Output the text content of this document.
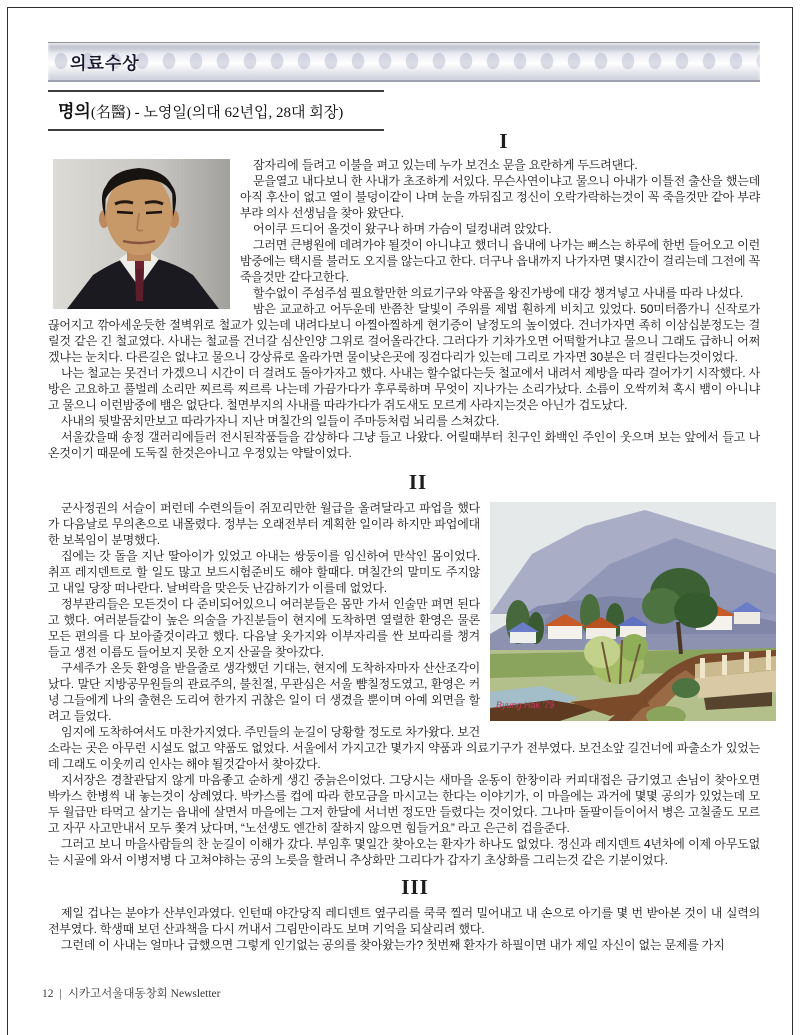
의료수상
명의(名醫) - 노영일(의대 62년입, 28대 회장)
I

잠자리에 들려고 이불을 펴고 있는데 누가 보건소 문을 요란하게 두드려댄다.

문을열고 내다보니 한 사내가 초조하게 서있다. 무슨사연이냐고 물으니 아내가 이틀전 출산을 했는데 아직 후산이 없고 열이 불덩이같이 나며 눈을 까뒤집고 정신이 오락가락하는것이 꼭 죽을것만 같아 부랴부랴 의사 선생님을 찾아 왔단다.

어이쿠 드디어 올것이 왔구나 하며 가슴이 덜컹내려 앉았다.

그러면 큰병원에 데려가야 될것이 아니냐고 했더니 읍내에 나가는 뻐스는 하루에 한번 들어오고 이런 밤중에는 택시를 불러도 오지를 않는다고 한다. 더구나 읍내까지 나가자면 몇시간이 걸리는데 그전에 꼭 죽을것만 같다고한다.

할수없이 주섬주섬 필요할만한 의료기구와 약품을 왕진가방에 대강 챙겨넣고 사내를 따라 나섰다.

밤은 교교하고 어두운데 반쯤찬 달빛이 주위를 제법 훤하게 비치고 있었다. 50미터쯤가니 신작로가 끊어지고 깎아세운듯한 절벽위로 철교가 있는데 내려다보니 아찔아찔하게 현기증이 날정도의 높이였다. 건너가자면 족히 이삼십분정도는 걸릴것 같은 긴 철교였다. 사내는 철교를 건너갈 심산인양 그위로 걸어올라간다. 그러다가 기차가오면 어떡할거냐고 물으니 그래도 급하니 어쩌겠냐는 눈치다. 다른길은 없냐고 물으니 강상류로 올라가면 물이낮은곳에 징검다리가 있는데 그리로 가자면 30분은 더 걸린다는것이었다.

나는 철교는 못건너 가겠으니 시간이 더 걸려도 돌아가자고 했다. 사내는 할수없다는듯 철교에서 내려서 제방을 따라 걸어가기 시작했다. 사방은 고요하고 풀벌레 소리만 찌르륵 찌르륵 나는데 가끔가다가 후루룩하며 무엇이 지나가는 소리가났다. 소름이 오싹끼쳐 혹시 뱀이 아니냐고 물으니 이런밤중에 뱀은 없단다. 철면부지의 사내를 따라가다가 쥐도새도 모르게 사라지는것은 아닌가 겁도났다.

사내의 뒷발꿈치만보고 따라가자니 지난 며칠간의 일들이 주마등처럼 뇌리를 스쳐갔다.

서울갔을때 송정 갤러리에들러 전시된작품들을 감상하다 그냥 들고 나왔다. 어릴때부터 친구인 화백인 주인이 웃으며 보는 앞에서 들고 나온것이기 때문에 도둑질 한것은아니고 우정있는 약탈이었다.

II
Byung Hak '79

군사정권의 서슬이 퍼런데 수련의들이 쥐꼬리만한 월급을 올려달라고 파업을 했다가 다음날로 무의촌으로 내몰렸다. 정부는 오래전부터 계획한 일이라 하지만 파업에대한 보복임이 분명했다.

집에는 갓 돌을 지난 딸아이가 있었고 아내는 쌍둥이를 임신하여 만삭인 몸이었다. 취프 레지덴트로 할 일도 많고 보드시험준비도 해야 할때다. 며칠간의 말미도 주지않고 내일 당장 떠나란다. 날벼락을 맞은듯 난감하기가 이를데 없었다.

정부관리들은 모든것이 다 준비되어있으니 여러분들은 몸만 가서 인술만 펴면 된다고 했다. 여러분들같이 높은 의술을 가진분들이 현지에 도착하면 열렬한 환영은 물론 모든 편의를 다 보아줄것이라고 했다. 다음날 옷가지와 이부자리를 싼 보따리를 챙겨들고 생전 이름도 들어보지 못한 오지 산골을 찾아갔다.

구세주가 온듯 환영을 받을줄로 생각했던 기대는, 현지에 도착하자마자 산산조각이 났다. 말단 지방공무원들의 관료주의, 불친절, 무관심은 서울 뺨칠정도였고, 환영은 커녕 그들에게 나의 출현은 도리여 한가지 귀찮은 일이 더 생겼을 뿐이며 아예 외면을 할려고 들었다.

임지에 도착하여서도 마찬가지였다. 주민들의 눈길이 당황할 정도로 차가왔다. 보건소라는 곳은 아무런 시설도 없고 약품도 없었다. 서울에서 가지고간 몇가지 약품과 의료기구가 전부였다. 보건소앞 길건너에 파출소가 있었는데 그래도 이웃끼리 인사는 해야 될것같아서 찾아갔다.

지서장은 경찰관답지 않게 마음좋고 순하게 생긴 중늙은이었다. 그당시는 새마을 운동이 한창이라 커피대접은 금기였고 손님이 찾아오면 박카스 한병씩 내 놓는것이 상례였다. 박카스를 컵에 따라 한모금을 마시고는 한다는 이야기가, 이 마을에는 과거에 몇몇 공의가 있었는데 모두 월급만 타먹고 살기는 읍내에 살면서 마을에는 그저 한달에 서너번 정도만 들렸다는 것이었다. 그나마 돌팔이들이어서 병은 고칠줄도 모르고 자꾸 사고만내서 모두 쫓겨 났다며, “노선생도 엔간히 잘하지 않으면 힘들거요” 라고 은근히 겁을준다.

그러고 보니 마을사람들의 찬 눈길이 이해가 갔다. 부임후 몇일간 찾아오는 환자가 하나도 없었다. 정신과 레지덴트 4년차에 이제 아무도없는 시골에 와서 이병저병 다 고쳐야하는 공의 노릇을 할려니 추상화만 그리다가 갑자기 초상화를 그리는것 같은 기분이었다.

III

제일 겁나는 분야가 산부인과였다. 인턴때 야간당직 레디덴트 옆구리를 쿡쿡 찔러 밀어내고 내 손으로 아기를 몇 번 받아본 것이 내 실력의 전부였다. 학생때 보던 산과책을 다시 꺼내서 그림만이라도 보며 기억을 되살리려 했다.

그런데 이 사내는 얼마나 급했으면 그렇게 인기없는 공의를 찾아왔는가? 첫번째 환자가 하필이면 내가 제일 자신이 없는 문제를 가지

12 | 시카고서울대동창회 Newsletter
